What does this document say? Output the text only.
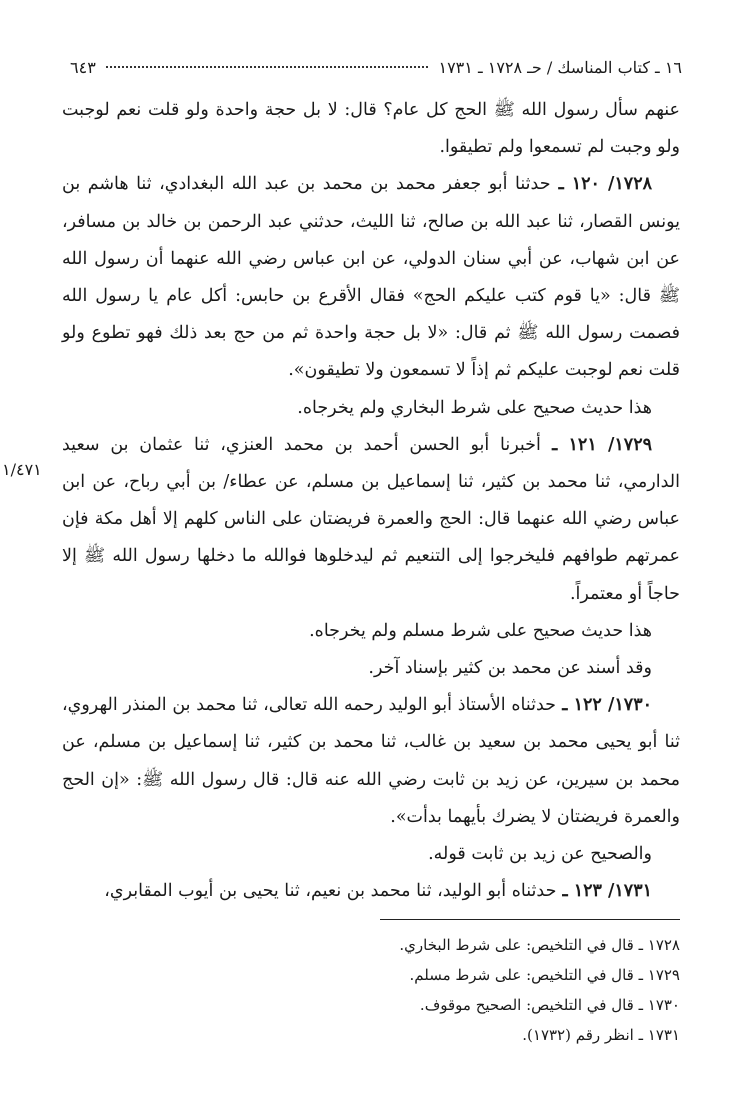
١٦ ـ كتاب المناسك / حـ ١٧٢٨ ـ ١٧٣١
٦٤٣

عنهم سأل رسول الله ﷺ الحج كل عام؟ قال: لا بل حجة واحدة ولو قلت نعم لوجبت ولو وجبت لم تسمعوا ولم تطيقوا.

١٧٢٨/ ١٢٠ ـ حدثنا أبو جعفر محمد بن محمد بن عبد الله البغدادي، ثنا هاشم بن يونس القصار، ثنا عبد الله بن صالح، ثنا الليث، حدثني عبد الرحمن بن خالد بن مسافر، عن ابن شهاب، عن أبي سنان الدولي، عن ابن عباس رضي الله عنهما أن رسول الله ﷺ قال: «يا قوم كتب عليكم الحج» فقال الأقرع بن حابس: أكل عام يا رسول الله فصمت رسول الله ﷺ ثم قال: «لا بل حجة واحدة ثم من حج بعد ذلك فهو تطوع ولو قلت نعم لوجبت عليكم ثم إذاً لا تسمعون ولا تطيقون».

هذا حديث صحيح على شرط البخاري ولم يخرجاه.

١٧٢٩/ ١٢١ ـ أخبرنا أبو الحسن أحمد بن محمد العنزي، ثنا عثمان بن سعيد الدارمي، ثنا محمد بن كثير، ثنا إسماعيل بن مسلم، عن عطاء/ بن أبي رباح، عن ابن عباس رضي الله عنهما قال: الحج والعمرة فريضتان على الناس كلهم إلا أهل مكة فإن عمرتهم طوافهم فليخرجوا إلى التنعيم ثم ليدخلوها فوالله ما دخلها رسول الله ﷺ إلا حاجاً أو معتمراً.

هذا حديث صحيح على شرط مسلم ولم يخرجاه.

وقد أسند عن محمد بن كثير بإسناد آخر.

١٧٣٠/ ١٢٢ ـ حدثناه الأستاذ أبو الوليد رحمه الله تعالى، ثنا محمد بن المنذر الهروي، ثنا أبو يحيى محمد بن سعيد بن غالب، ثنا محمد بن كثير، ثنا إسماعيل بن مسلم، عن محمد بن سيرين، عن زيد بن ثابت رضي الله عنه قال: قال رسول الله ﷺ: «إن الحج والعمرة فريضتان لا يضرك بأيهما بدأت».

والصحيح عن زيد بن ثابت قوله.

١٧٣١/ ١٢٣ ـ حدثناه أبو الوليد، ثنا محمد بن نعيم، ثنا يحيى بن أيوب المقابري،

١/٤٧١
١٧٢٨ ـ قال في التلخيص: على شرط البخاري.
١٧٢٩ ـ قال في التلخيص: على شرط مسلم.
١٧٣٠ ـ قال في التلخيص: الصحيح موقوف.
١٧٣١ ـ انظر رقم (١٧٣٢).
